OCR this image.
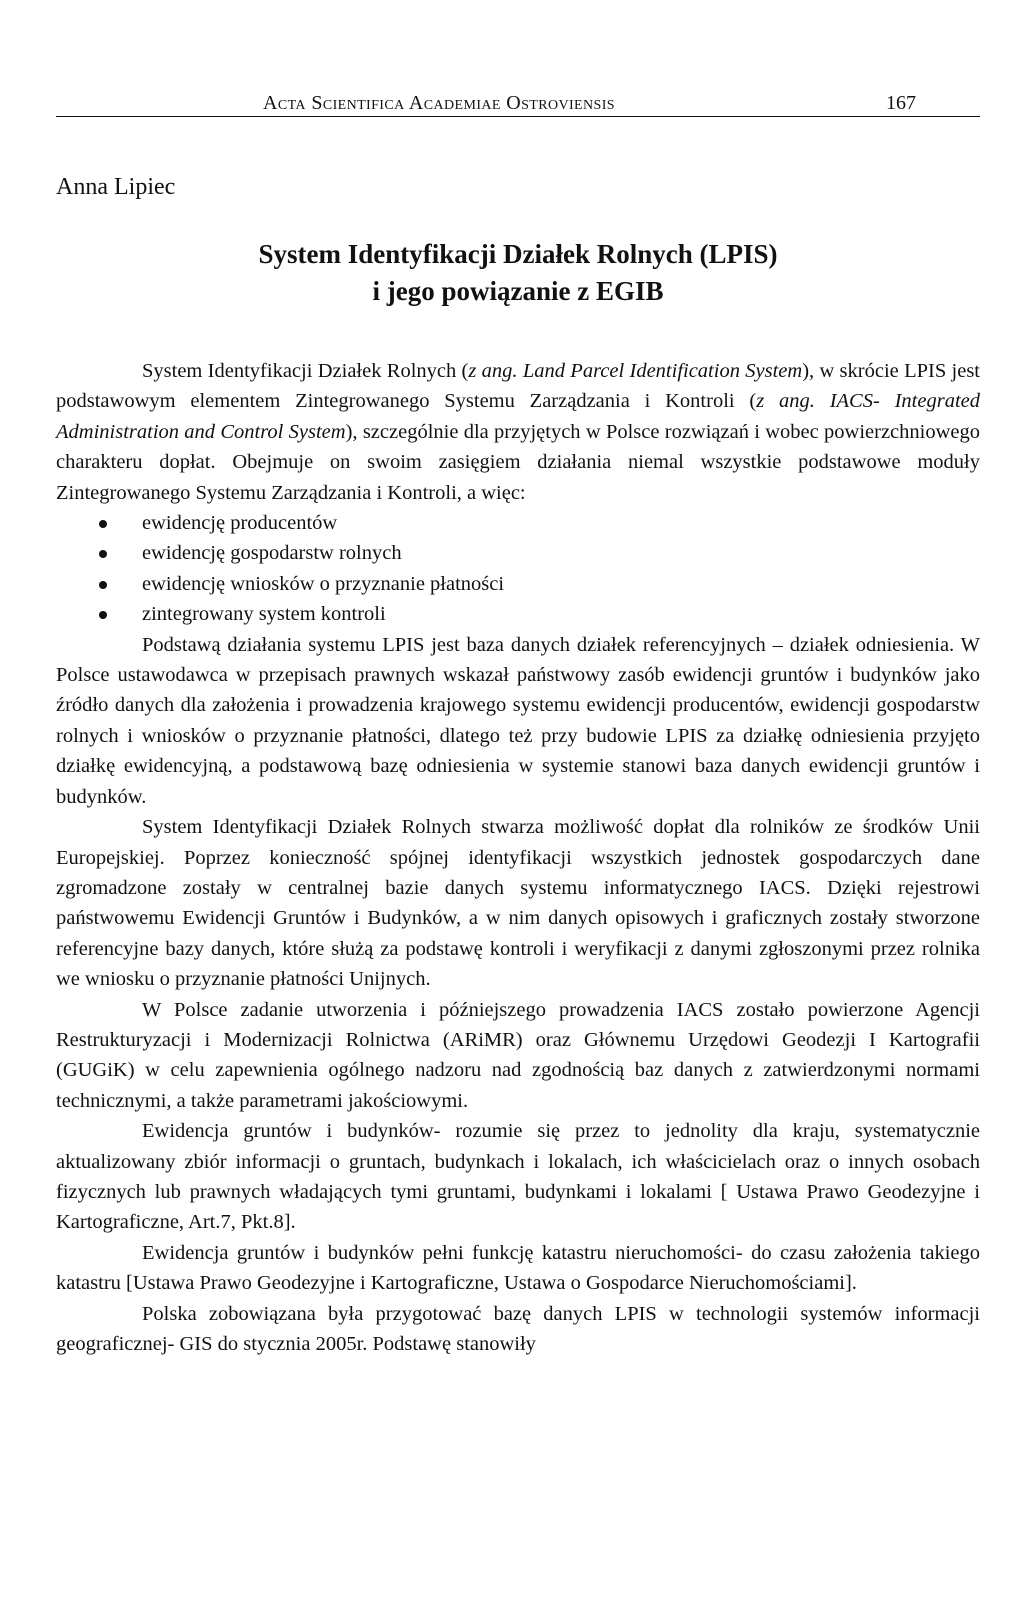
Acta Scientifica Academiae Ostroviensis	167
Anna Lipiec
System Identyfikacji Działek Rolnych (LPIS)
i jego powiązanie z EGIB

System Identyfikacji Działek Rolnych (z ang. Land Parcel Identification System), w skrócie LPIS jest podstawowym elementem Zintegrowanego Systemu Zarządzania i Kontroli (z ang. IACS- Integrated Administration and Control System), szczególnie dla przyjętych w Polsce rozwiązań i wobec powierzchniowego charakteru dopłat. Obejmuje on swoim zasięgiem działania niemal wszystkie podstawowe moduły Zintegrowanego Systemu Zarządzania i Kontroli, a więc:

ewidencję producentów
ewidencję gospodarstw rolnych
ewidencję wniosków o przyznanie płatności
zintegrowany system kontroli

Podstawą działania systemu LPIS jest baza danych działek referencyjnych – działek odniesienia. W Polsce ustawodawca w przepisach prawnych wskazał państwowy zasób ewidencji gruntów i budynków jako źródło danych dla założenia i prowadzenia krajowego systemu ewidencji producentów, ewidencji gospodarstw rolnych i wniosków o przyznanie płatności, dlatego też przy budowie LPIS za działkę odniesienia przyjęto działkę ewidencyjną, a podstawową bazę odniesienia w systemie stanowi baza danych ewidencji gruntów i budynków.

System Identyfikacji Działek Rolnych stwarza możliwość dopłat dla rolników ze środków Unii Europejskiej. Poprzez konieczność spójnej identyfikacji wszystkich jednostek gospodarczych dane zgromadzone zostały w centralnej bazie danych systemu informatycznego IACS. Dzięki rejestrowi państwowemu Ewidencji Gruntów i Budynków, a w nim danych opisowych i graficznych zostały stworzone referencyjne bazy danych, które służą za podstawę kontroli i weryfikacji z danymi zgłoszonymi przez rolnika we wniosku o przyznanie płatności Unijnych.

W Polsce zadanie utworzenia i późniejszego prowadzenia IACS zostało powierzone Agencji Restrukturyzacji i Modernizacji Rolnictwa (ARiMR) oraz Głównemu Urzędowi Geodezji I Kartografii (GUGiK) w celu zapewnienia ogólnego nadzoru nad zgodnością baz danych z zatwierdzonymi normami technicznymi, a także parametrami jakościowymi.

Ewidencja gruntów i budynków- rozumie się przez to jednolity dla kraju, systematycznie aktualizowany zbiór informacji o gruntach, budynkach i lokalach, ich właścicielach oraz o innych osobach fizycznych lub prawnych władających tymi gruntami, budynkami i lokalami [ Ustawa Prawo Geodezyjne i Kartograficzne, Art.7, Pkt.8].

Ewidencja gruntów i budynków pełni funkcję katastru nieruchomości- do czasu założenia takiego katastru [Ustawa Prawo Geodezyjne i Kartograficzne, Ustawa o Gospodarce Nieruchomościami].

Polska zobowiązana była przygotować bazę danych LPIS w technologii systemów informacji geograficznej- GIS do stycznia 2005r. Podstawę stanowiły
